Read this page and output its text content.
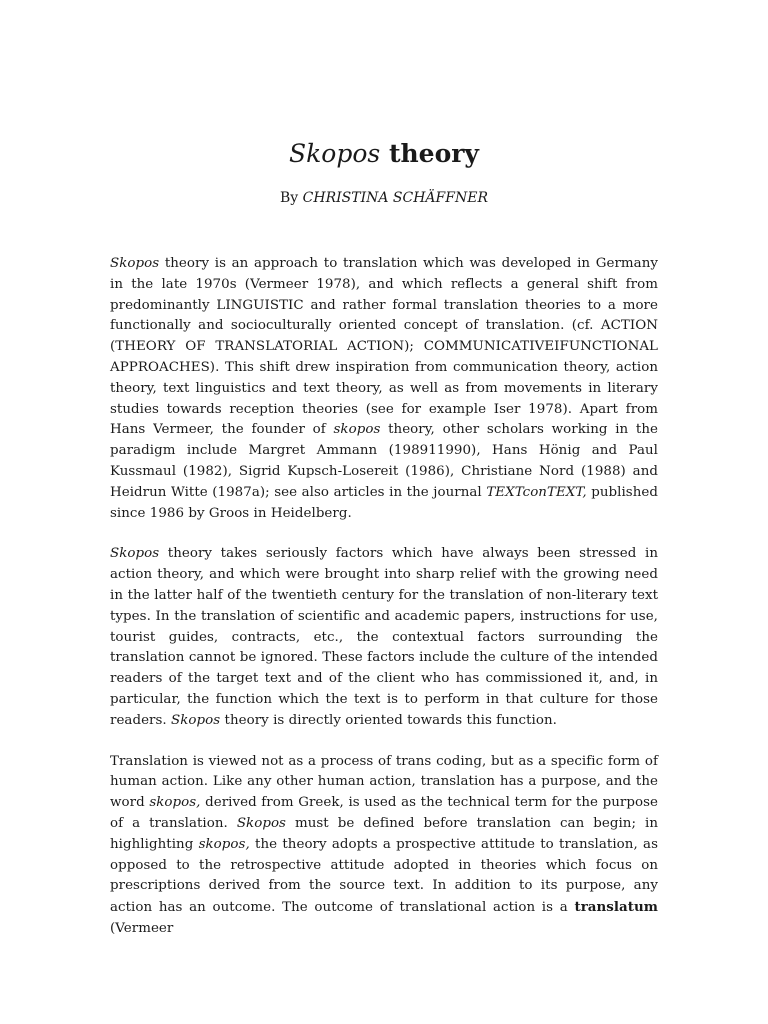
Skopos theory

By CHRISTINA SCHÄFFNER

Skopos theory is an approach to translation which was developed in Germany in the late 1970s (Vermeer 1978), and which reflects a general shift from predominantly LINGUISTIC and rather formal translation theories to a more functionally and socioculturally oriented concept of translation. (cf. ACTION (THEORY OF TRANSLATORIAL ACTION); COMMUNICATIVEIFUNCTIONAL APPROACHES). This shift drew inspiration from communication theory, action theory, text linguistics and text theory, as well as from movements in literary studies towards reception theories (see for example Iser 1978). Apart from Hans Vermeer, the founder of skopos theory, other scholars working in the paradigm include Margret Ammann (198911990), Hans Hönig and Paul Kussmaul (1982), Sigrid Kupsch-Losereit (1986), Christiane Nord (1988) and Heidrun Witte (1987a); see also articles in the journal TEXTconTEXT, published since 1986 by Groos in Heidelberg.

Skopos theory takes seriously factors which have always been stressed in action theory, and which were brought into sharp relief with the growing need in the latter half of the twentieth century for the translation of non-literary text types. In the translation of scientific and academic papers, instructions for use, tourist guides, contracts, etc., the contextual factors surrounding the translation cannot be ignored. These factors include the culture of the intended readers of the target text and of the client who has commissioned it, and, in particular, the function which the text is to perform in that culture for those readers. Skopos theory is directly oriented towards this function.

Translation is viewed not as a process of trans coding, but as a specific form of human action. Like any other human action, translation has a purpose, and the word skopos, derived from Greek, is used as the technical term for the purpose of a translation. Skopos must be defined before translation can begin; in highlighting skopos, the theory adopts a prospective attitude to translation, as opposed to the retrospective attitude adopted in theories which focus on prescriptions derived from the source text. In addition to its purpose, any action has an outcome. The outcome of translational action is a translatum (Vermeer
